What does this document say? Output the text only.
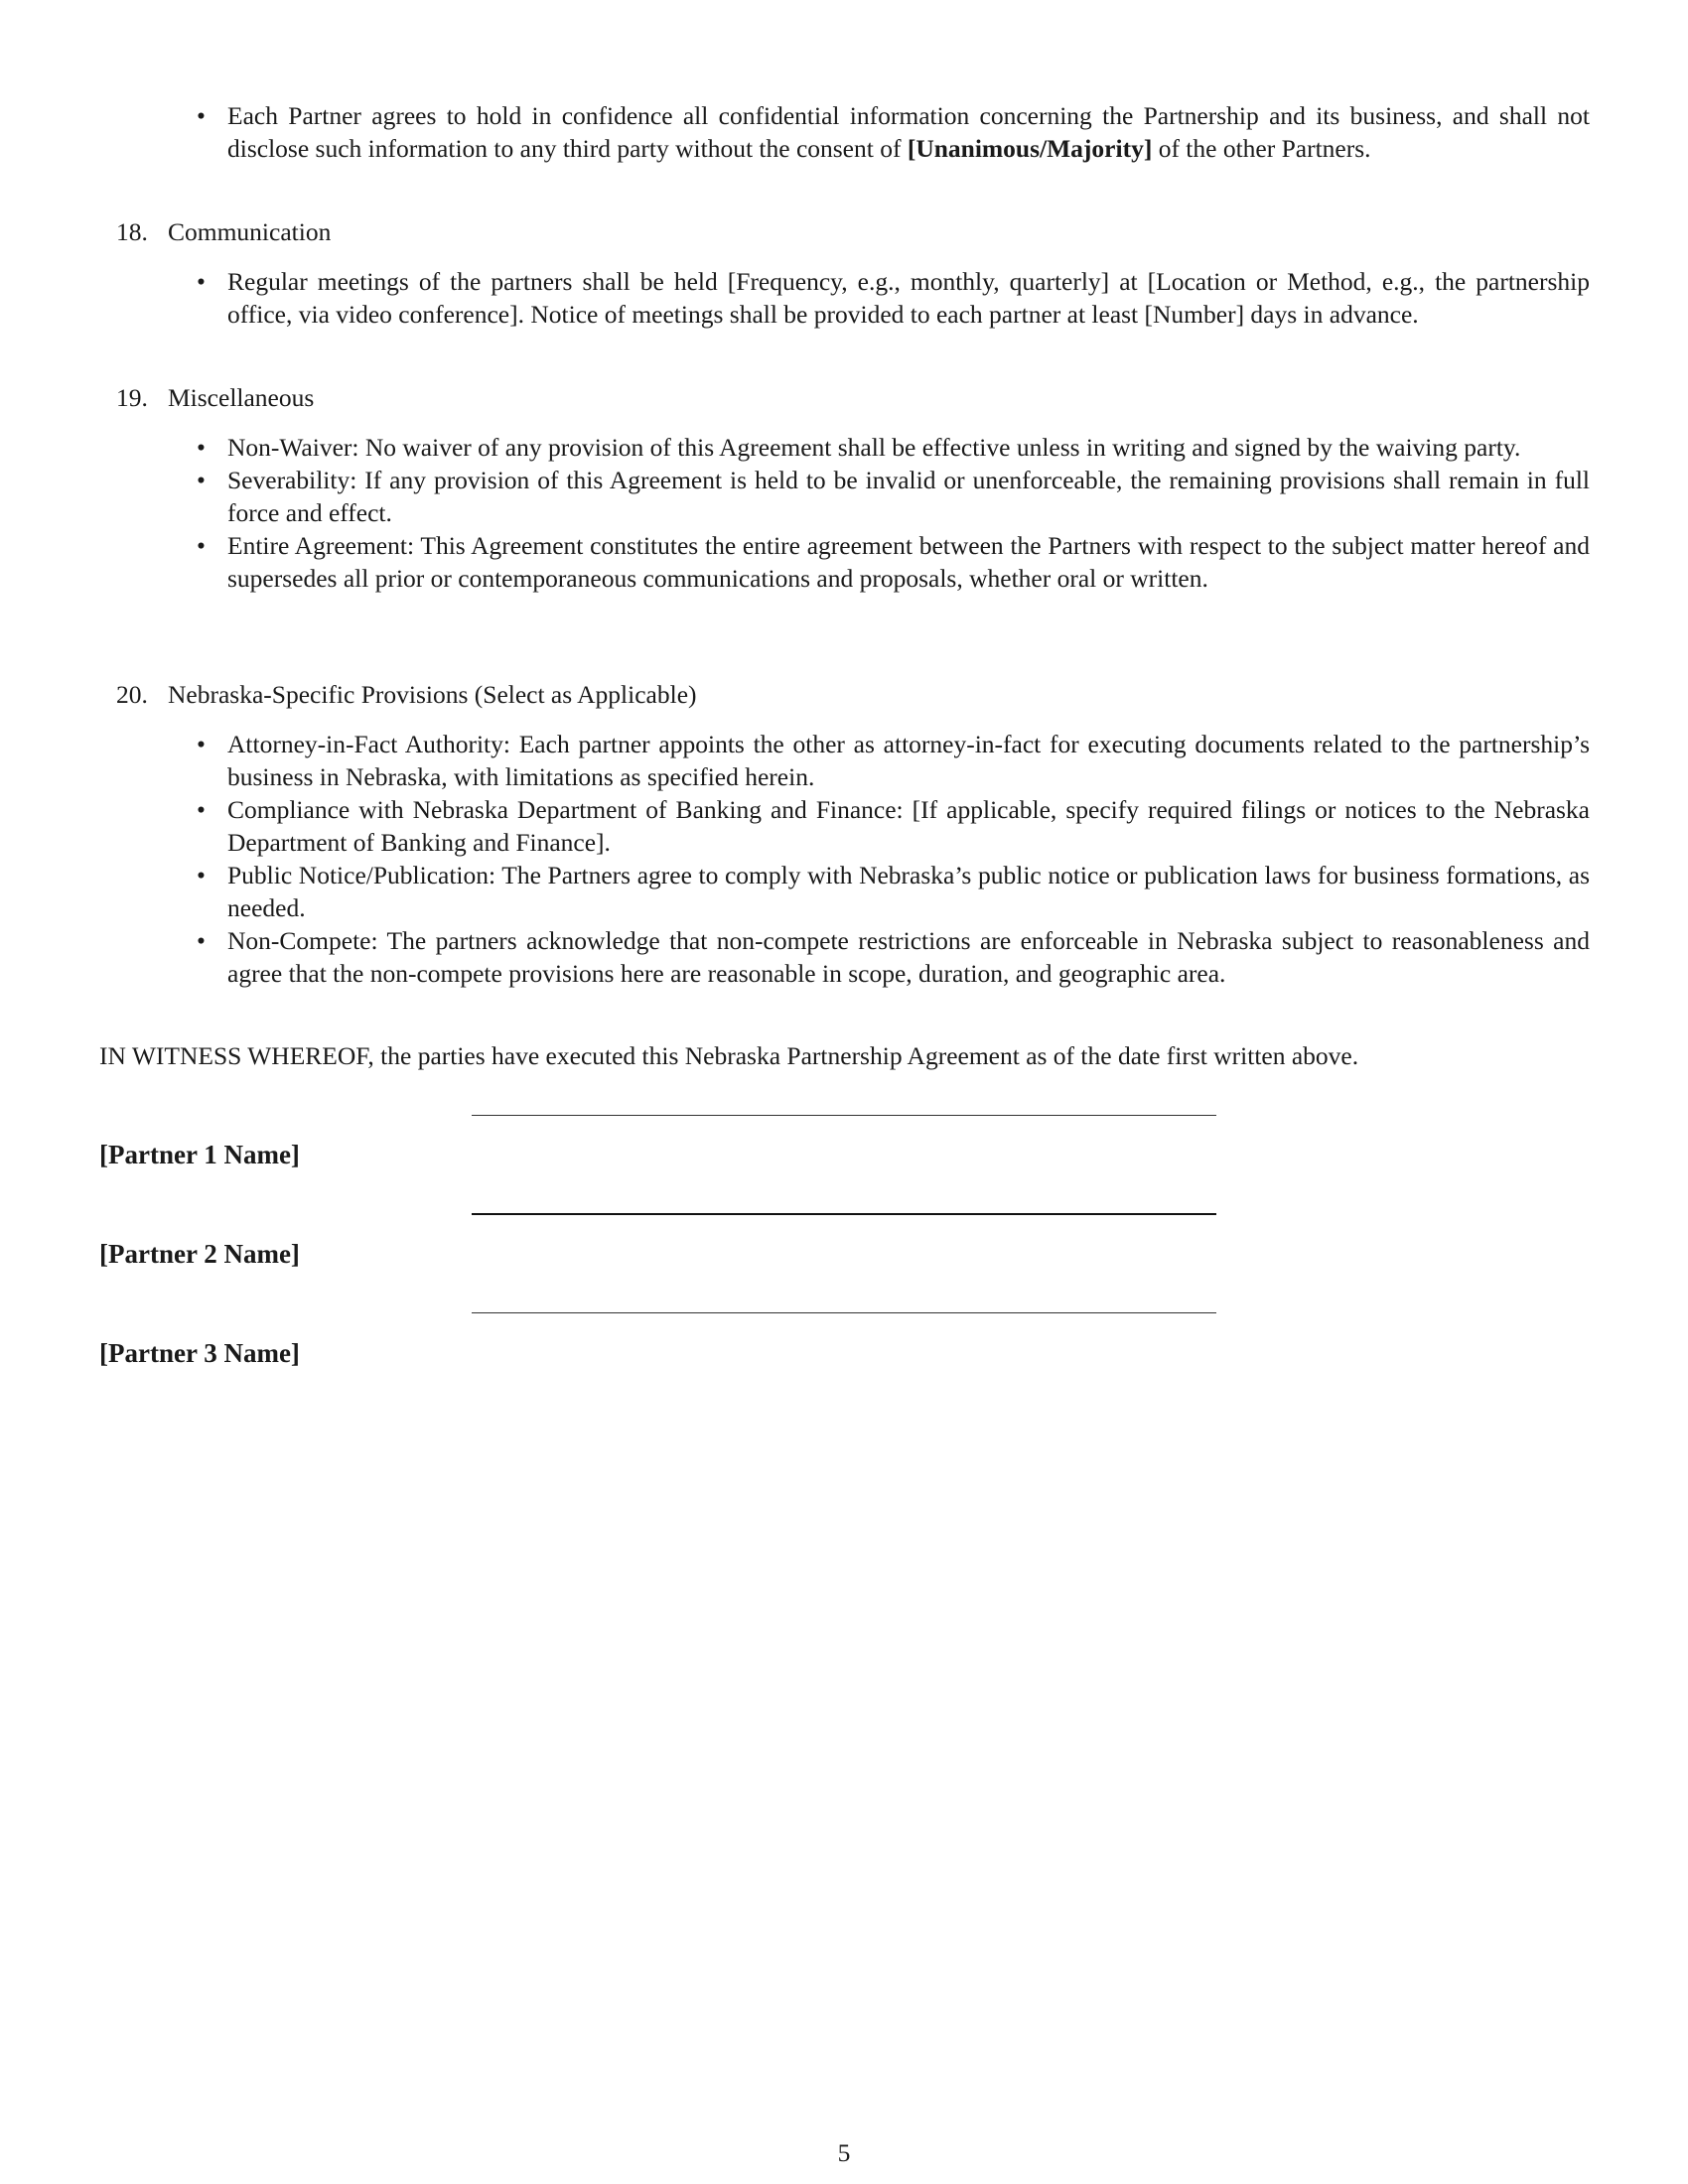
• Each Partner agrees to hold in confidence all confidential information concerning the Partnership and its business, and shall not disclose such information to any third party without the consent of [Unanimous/Majority] of the other Partners.

18. Communication

• Regular meetings of the partners shall be held [Frequency, e.g., monthly, quarterly] at [Location or Method, e.g., the partnership office, via video conference]. Notice of meetings shall be provided to each partner at least [Number] days in advance.

19. Miscellaneous

• Non-Waiver: No waiver of any provision of this Agreement shall be effective unless in writing and signed by the waiving party.
• Severability: If any provision of this Agreement is held to be invalid or unenforceable, the remaining provisions shall remain in full force and effect.
• Entire Agreement: This Agreement constitutes the entire agreement between the Partners with respect to the subject matter hereof and supersedes all prior or contemporaneous communications and proposals, whether oral or written.

20. Nebraska-Specific Provisions (Select as Applicable)

• Attorney-in-Fact Authority: Each partner appoints the other as attorney-in-fact for executing documents related to the partnership’s business in Nebraska, with limitations as specified herein.
• Compliance with Nebraska Department of Banking and Finance: [If applicable, specify required filings or notices to the Nebraska Department of Banking and Finance].
• Public Notice/Publication: The Partners agree to comply with Nebraska’s public notice or publication laws for business formations, as needed.
• Non-Compete: The partners acknowledge that non-compete restrictions are enforceable in Nebraska subject to reasonableness and agree that the non-compete provisions here are reasonable in scope, duration, and geographic area.

IN WITNESS WHEREOF, the parties have executed this Nebraska Partnership Agreement as of the date first written above.

[Partner 1 Name]

[Partner 2 Name]

[Partner 3 Name]

5
